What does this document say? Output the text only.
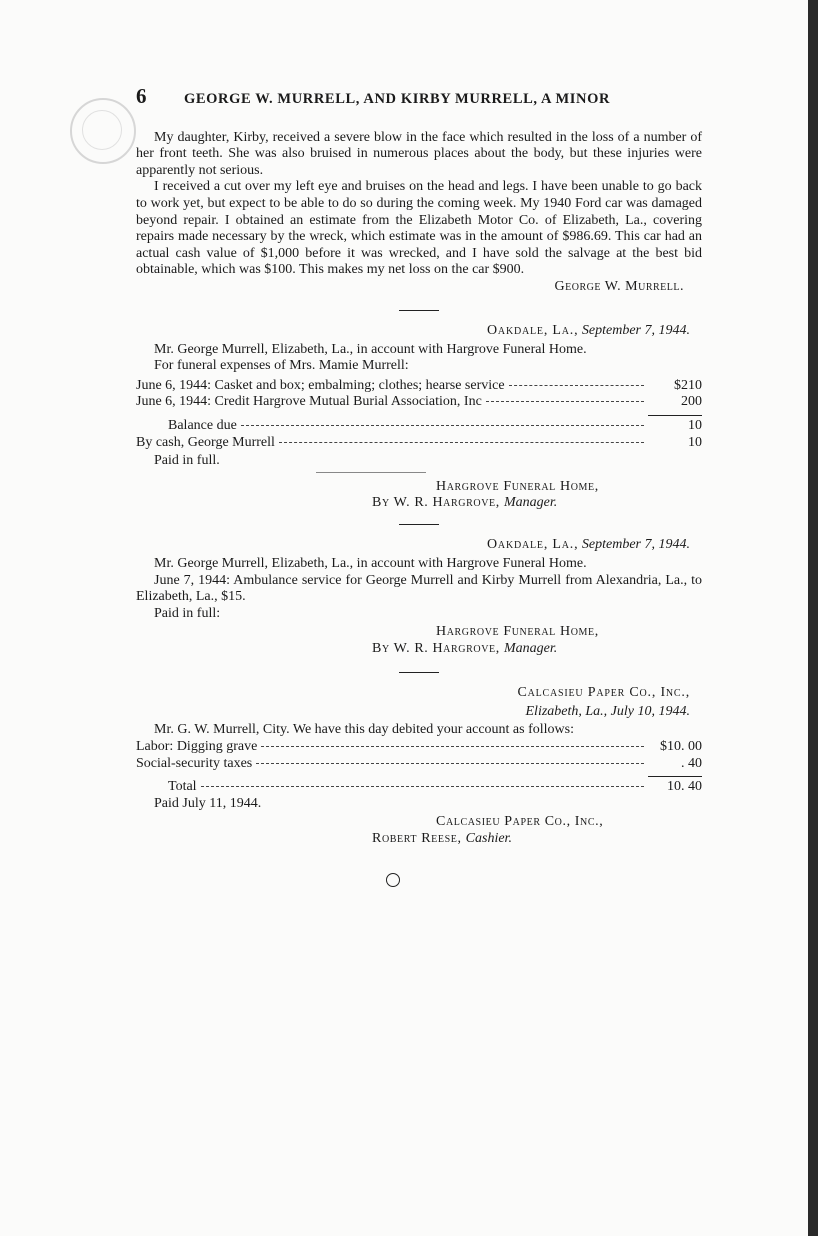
6	GEORGE W. MURRELL, AND KIRBY MURRELL, A MINOR

My daughter, Kirby, received a severe blow in the face which resulted in the loss of a number of her front teeth. She was also bruised in numerous places about the body, but these injuries were apparently not serious.

I received a cut over my left eye and bruises on the head and legs. I have been unable to go back to work yet, but expect to be able to do so during the coming week. My 1940 Ford car was damaged beyond repair. I obtained an estimate from the Elizabeth Motor Co. of Elizabeth, La., covering repairs made necessary by the wreck, which estimate was in the amount of $986.69. This car had an actual cash value of $1,000 before it was wrecked, and I have sold the salvage at the best bid obtainable, which was $100. This makes my net loss on the car $900.

George W. Murrell.
Oakdale, La., September 7, 1944.

Mr. George Murrell, Elizabeth, La., in account with Hargrove Funeral Home.

For funeral expenses of Mrs. Mamie Murrell:

June 6, 1944: Casket and box; embalming; clothes; hearse service	$210
June 6, 1944: Credit Hargrove Mutual Burial Association, Inc	200
Balance due	10
By cash, George Murrell	10

Paid in full.

Hargrove Funeral Home,
By W. R. Hargrove, Manager.
Oakdale, La., September 7, 1944.

Mr. George Murrell, Elizabeth, La., in account with Hargrove Funeral Home.

June 7, 1944: Ambulance service for George Murrell and Kirby Murrell from Alexandria, La., to Elizabeth, La., $15.

Paid in full:

Hargrove Funeral Home,
By W. R. Hargrove, Manager.
Calcasieu Paper Co., Inc.,
Elizabeth, La., July 10, 1944.

Mr. G. W. Murrell, City. We have this day debited your account as follows:

Labor: Digging grave	$10. 00
Social-security taxes	. 40
Total	10. 40

Paid July 11, 1944.

Calcasieu Paper Co., Inc.,
Robert Reese, Cashier.
